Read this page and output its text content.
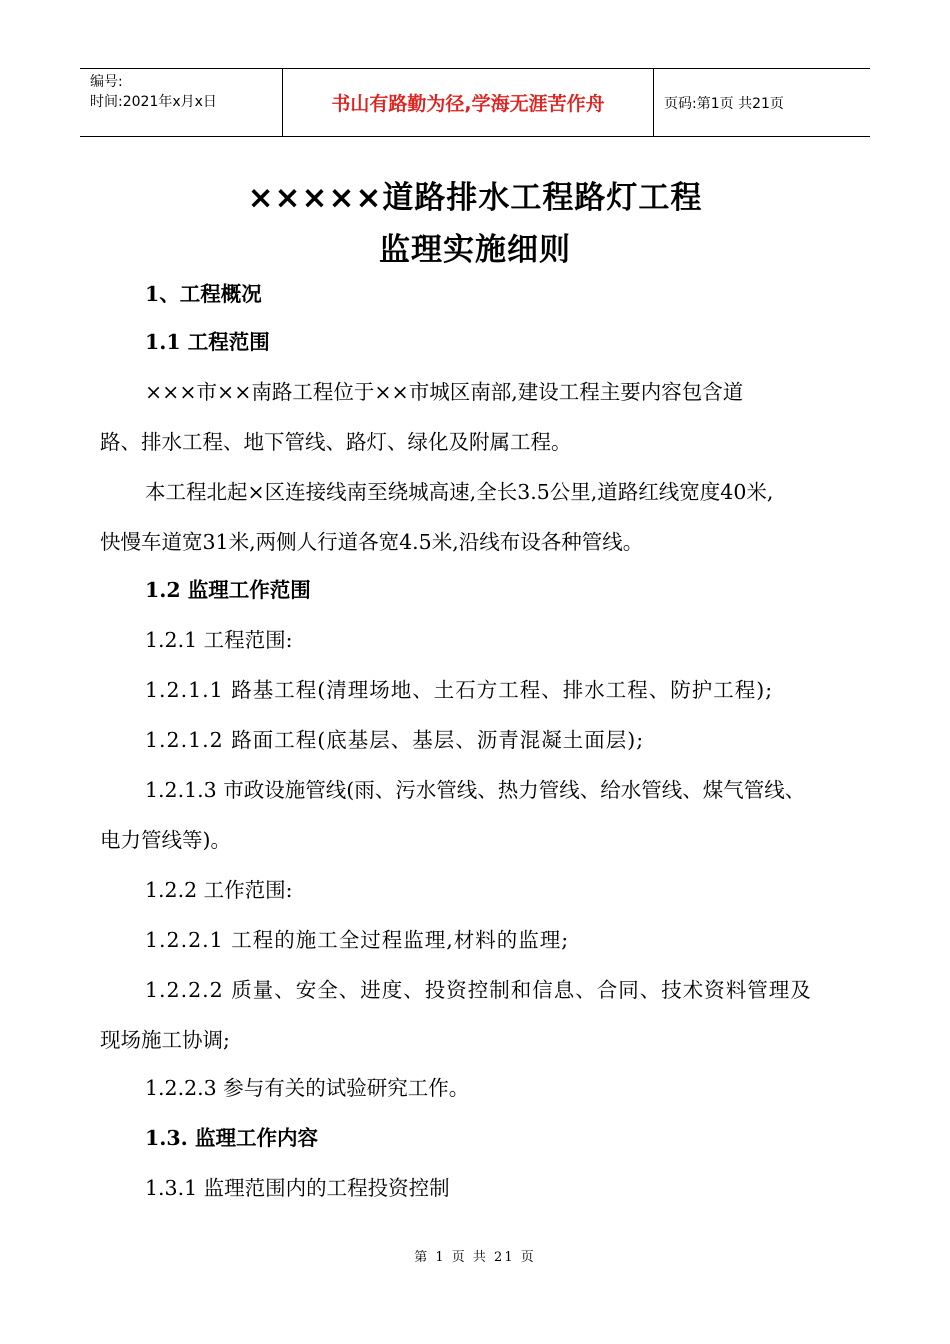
编号:
时间:2021年x月x日	书山有路勤为径,学海无涯苦作舟	页码:第1页 共21页
×××××道路排水工程路灯工程
监理实施细则
1、工程概况
1.1 工程范围
×××市××南路工程位于××市城区南部,建设工程主要内容包含道
路、排水工程、地下管线、路灯、绿化及附属工程。
本工程北起×区连接线南至绕城高速,全长3.5公里,道路红线宽度40米,
快慢车道宽31米,两侧人行道各宽4.5米,沿线布设各种管线。
1.2 监理工作范围
1.2.1 工程范围:
1.2.1.1 路基工程(清理场地、土石方工程、排水工程、防护工程);
1.2.1.2 路面工程(底基层、基层、沥青混凝土面层);
1.2.1.3 市政设施管线(雨、污水管线、热力管线、给水管线、煤气管线、
电力管线等)。
1.2.2 工作范围:
1.2.2.1 工程的施工全过程监理,材料的监理;
1.2.2.2 质量、安全、进度、投资控制和信息、合同、技术资料管理及
现场施工协调;
1.2.2.3 参与有关的试验研究工作。
1.3. 监理工作内容
1.3.1 监理范围内的工程投资控制
第 1 页 共 21 页
